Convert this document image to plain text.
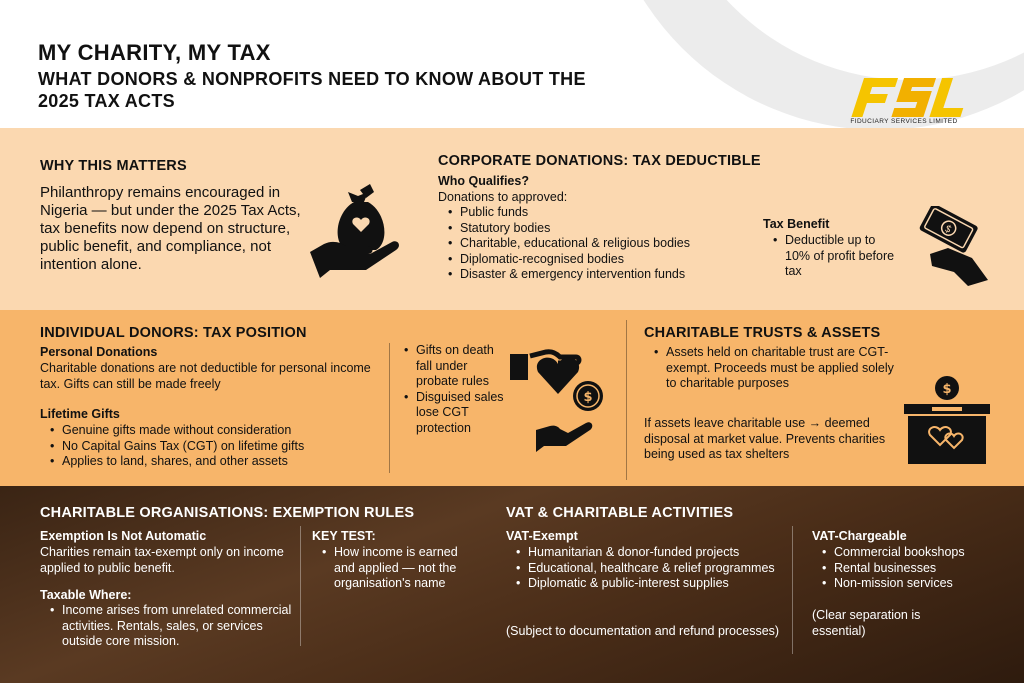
MY CHARITY, MY TAX
WHAT DONORS & NONPROFITS NEED TO KNOW ABOUT THE 2025 TAX ACTS
FIDUCIARY SERVICES LIMITED
WHY THIS MATTERS
Philanthropy remains encouraged in Nigeria — but under the 2025 Tax Acts, tax benefits now depend on structure, public benefit, and compliance, not intention alone.
CORPORATE DONATIONS: TAX DEDUCTIBLE
Who Qualifies?
Donations to approved:
• Public funds
• Statutory bodies
• Charitable, educational & religious bodies
• Diplomatic-recognised bodies
• Disaster & emergency intervention funds
Tax Benefit
• Deductible up to 10% of profit before tax
$
INDIVIDUAL DONORS: TAX POSITION
Personal Donations
Charitable donations are not deductible for personal income tax. Gifts can still be made freely
Lifetime Gifts
• Genuine gifts made without consideration
• No Capital Gains Tax (CGT) on lifetime gifts
• Applies to land, shares, and other assets
• Gifts on death fall under probate rules
• Disguised sales lose CGT protection
$
CHARITABLE TRUSTS & ASSETS
• Assets held on charitable trust are CGT-exempt. Proceeds must be applied solely to charitable purposes
If assets leave charitable use → deemed disposal at market value. Prevents charities being used as tax shelters
$
CHARITABLE ORGANISATIONS: EXEMPTION RULES
Exemption Is Not Automatic
Charities remain tax-exempt only on income applied to public benefit.
Taxable Where:
• Income arises from unrelated commercial activities. Rentals, sales, or services outside core mission.
KEY TEST:
• How income is earned and applied — not the organisation's name
VAT & CHARITABLE ACTIVITIES
VAT-Exempt
• Humanitarian & donor-funded projects
• Educational, healthcare & relief programmes
• Diplomatic & public-interest supplies
(Subject to documentation and refund processes)
VAT-Chargeable
• Commercial bookshops
• Rental businesses
• Non-mission services
(Clear separation is essential)
